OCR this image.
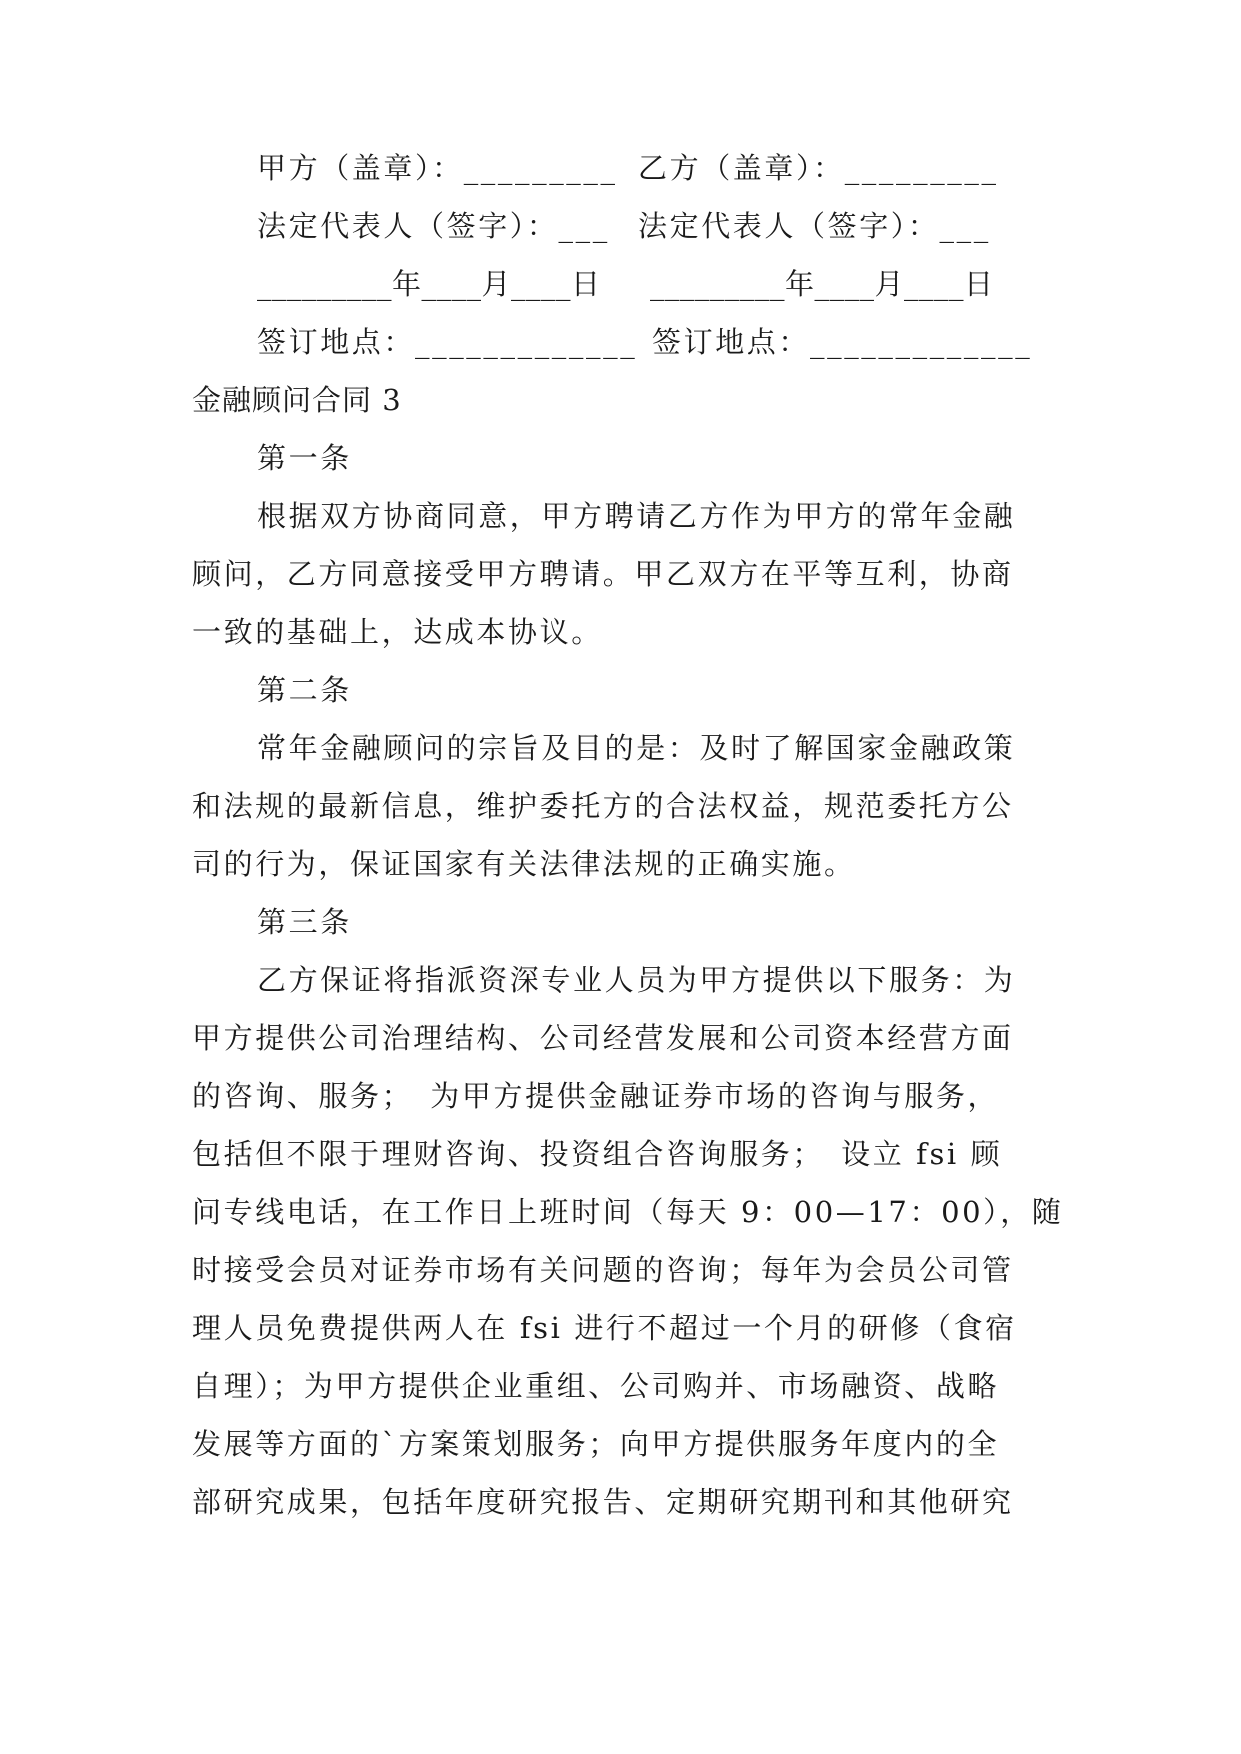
甲方（盖章）：_________ 乙方（盖章）：_________
法定代表人（签字）：___ 法定代表人（签字）：___
_________年____月____日 _________年____月____日
签订地点：_____________ 签订地点：_____________
金融顾问合同 3
第一条
根据双方协商同意，甲方聘请乙方作为甲方的常年金融
顾问，乙方同意接受甲方聘请。甲乙双方在平等互利，协商
一致的基础上，达成本协议。
第二条
常年金融顾问的宗旨及目的是：及时了解国家金融政策
和法规的最新信息，维护委托方的合法权益，规范委托方公
司的行为，保证国家有关法律法规的正确实施。
第三条
乙方保证将指派资深专业人员为甲方提供以下服务：为
甲方提供公司治理结构、公司经营发展和公司资本经营方面
的咨询、服务；　为甲方提供金融证券市场的咨询与服务，
包括但不限于理财咨询、投资组合咨询服务；　设立 fsi 顾
问专线电话，在工作日上班时间（每天 9：00—17：00），随
时接受会员对证券市场有关问题的咨询；每年为会员公司管
理人员免费提供两人在 fsi 进行不超过一个月的研修（食宿
自理）；为甲方提供企业重组、公司购并、市场融资、战略
发展等方面的`方案策划服务；向甲方提供服务年度内的全
部研究成果，包括年度研究报告、定期研究期刊和其他研究
